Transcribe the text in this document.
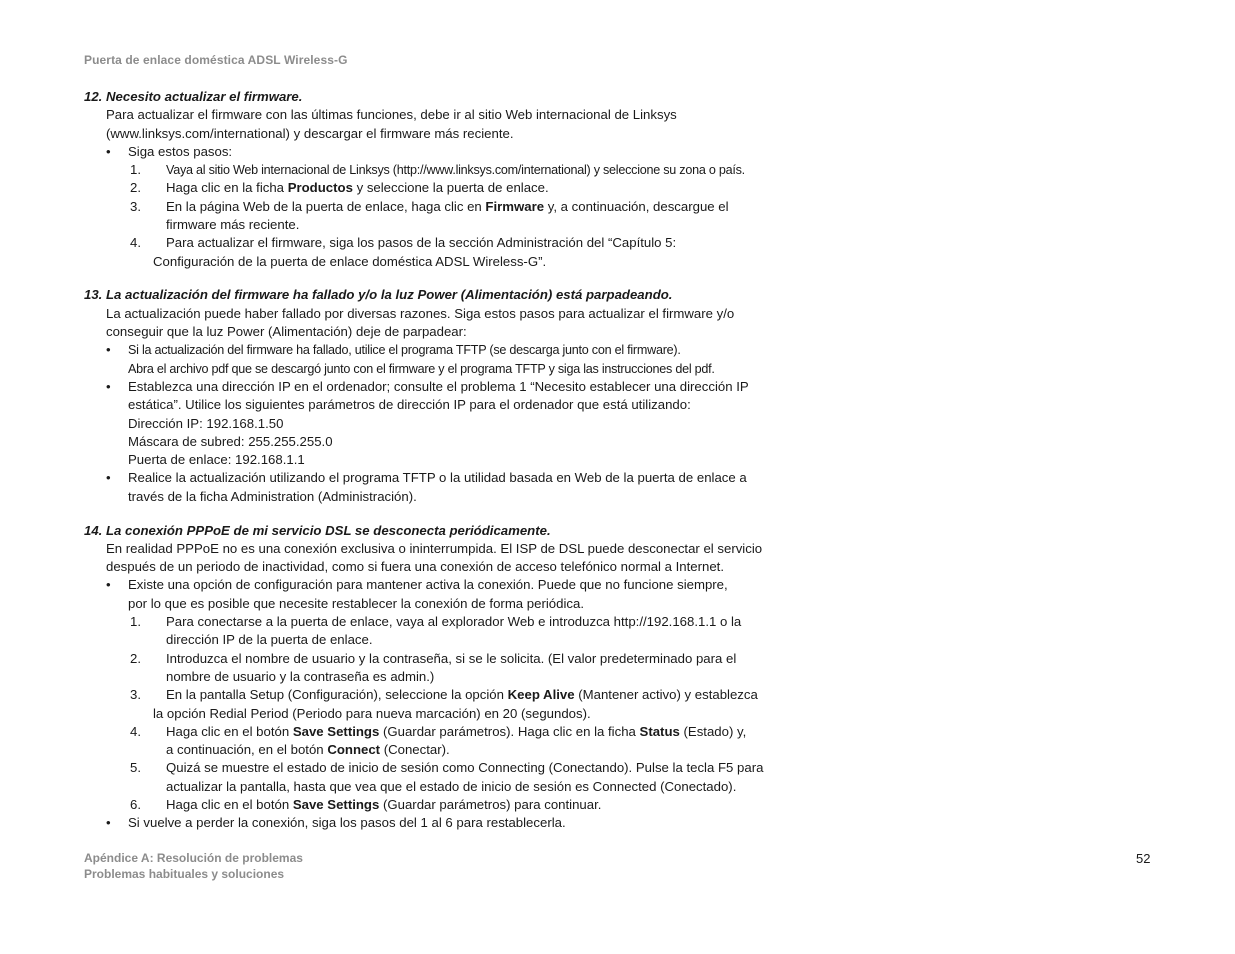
Puerta de enlace doméstica ADSL Wireless-G
12. Necesito actualizar el firmware.
Para actualizar el firmware con las últimas funciones, debe ir al sitio Web internacional de Linksys
(www.linksys.com/international) y descargar el firmware más reciente.
• Siga estos pasos:
1. Vaya al sitio Web internacional de Linksys (http://www.linksys.com/international) y seleccione su zona o país.
2. Haga clic en la ficha Productos y seleccione la puerta de enlace.
3. En la página Web de la puerta de enlace, haga clic en Firmware y, a continuación, descargue el
firmware más reciente.
4. Para actualizar el firmware, siga los pasos de la sección Administración del “Capítulo 5:
Configuración de la puerta de enlace doméstica ADSL Wireless-G”.
13. La actualización del firmware ha fallado y/o la luz Power (Alimentación) está parpadeando.
La actualización puede haber fallado por diversas razones. Siga estos pasos para actualizar el firmware y/o
conseguir que la luz Power (Alimentación) deje de parpadear:
• Si la actualización del firmware ha fallado, utilice el programa TFTP (se descarga junto con el firmware).
Abra el archivo pdf que se descargó junto con el firmware y el programa TFTP y siga las instrucciones del pdf.
• Establezca una dirección IP en el ordenador; consulte el problema 1 “Necesito establecer una dirección IP
estática”. Utilice los siguientes parámetros de dirección IP para el ordenador que está utilizando:
Dirección IP: 192.168.1.50
Máscara de subred: 255.255.255.0
Puerta de enlace: 192.168.1.1
• Realice la actualización utilizando el programa TFTP o la utilidad basada en Web de la puerta de enlace a
través de la ficha Administration (Administración).
14. La conexión PPPoE de mi servicio DSL se desconecta periódicamente.
En realidad PPPoE no es una conexión exclusiva o ininterrumpida. El ISP de DSL puede desconectar el servicio
después de un periodo de inactividad, como si fuera una conexión de acceso telefónico normal a Internet.
• Existe una opción de configuración para mantener activa la conexión. Puede que no funcione siempre,
por lo que es posible que necesite restablecer la conexión de forma periódica.
1. Para conectarse a la puerta de enlace, vaya al explorador Web e introduzca http://192.168.1.1 o la
dirección IP de la puerta de enlace.
2. Introduzca el nombre de usuario y la contraseña, si se le solicita. (El valor predeterminado para el
nombre de usuario y la contraseña es admin.)
3. En la pantalla Setup (Configuración), seleccione la opción Keep Alive (Mantener activo) y establezca
la opción Redial Period (Periodo para nueva marcación) en 20 (segundos).
4. Haga clic en el botón Save Settings (Guardar parámetros). Haga clic en la ficha Status (Estado) y,
a continuación, en el botón Connect (Conectar).
5. Quizá se muestre el estado de inicio de sesión como Connecting (Conectando). Pulse la tecla F5 para
actualizar la pantalla, hasta que vea que el estado de inicio de sesión es Connected (Conectado).
6. Haga clic en el botón Save Settings (Guardar parámetros) para continuar.
• Si vuelve a perder la conexión, siga los pasos del 1 al 6 para restablecerla.
Apéndice A: Resolución de problemas
Problemas habituales y soluciones
52
